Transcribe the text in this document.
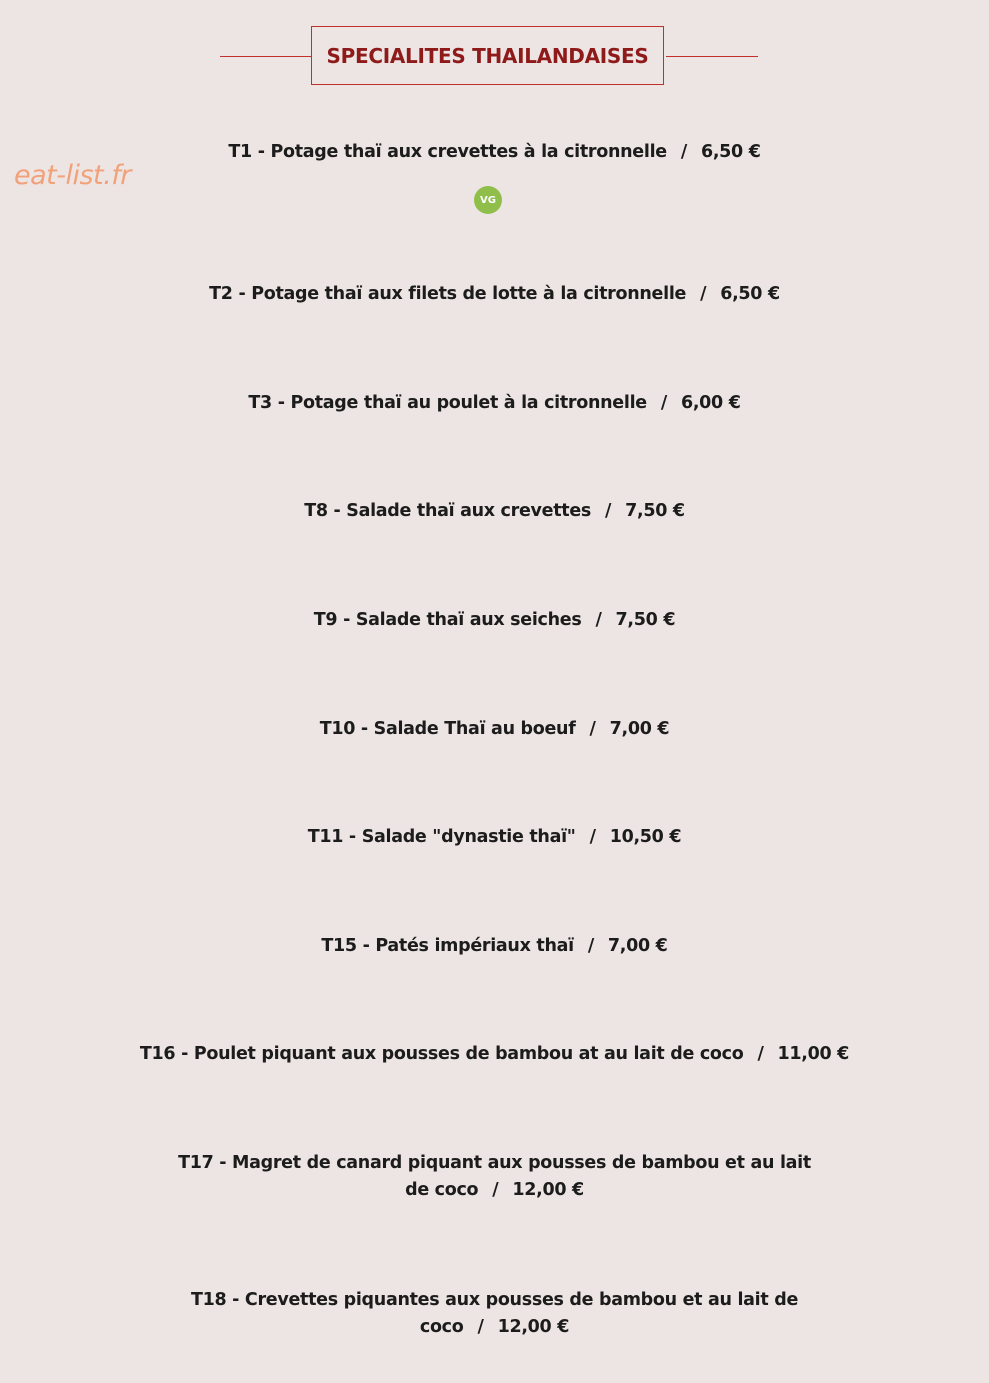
eat-list.fr
SPECIALITES THAILANDAISES
T1 - Potage thaï aux crevettes à la citronnelle / 6,50 €
VG
T2 - Potage thaï aux filets de lotte à la citronnelle / 6,50 €
T3 - Potage thaï au poulet à la citronnelle / 6,00 €
T8 - Salade thaï aux crevettes / 7,50 €
T9 - Salade thaï aux seiches / 7,50 €
T10 - Salade Thaï au boeuf / 7,00 €
T11 - Salade "dynastie thaï" / 10,50 €
T15 - Patés impériaux thaï / 7,00 €
T16 - Poulet piquant aux pousses de bambou at au lait de coco / 11,00 €
T17 - Magret de canard piquant aux pousses de bambou et au lait de coco / 12,00 €
T18 - Crevettes piquantes aux pousses de bambou et au lait de coco / 12,00 €
